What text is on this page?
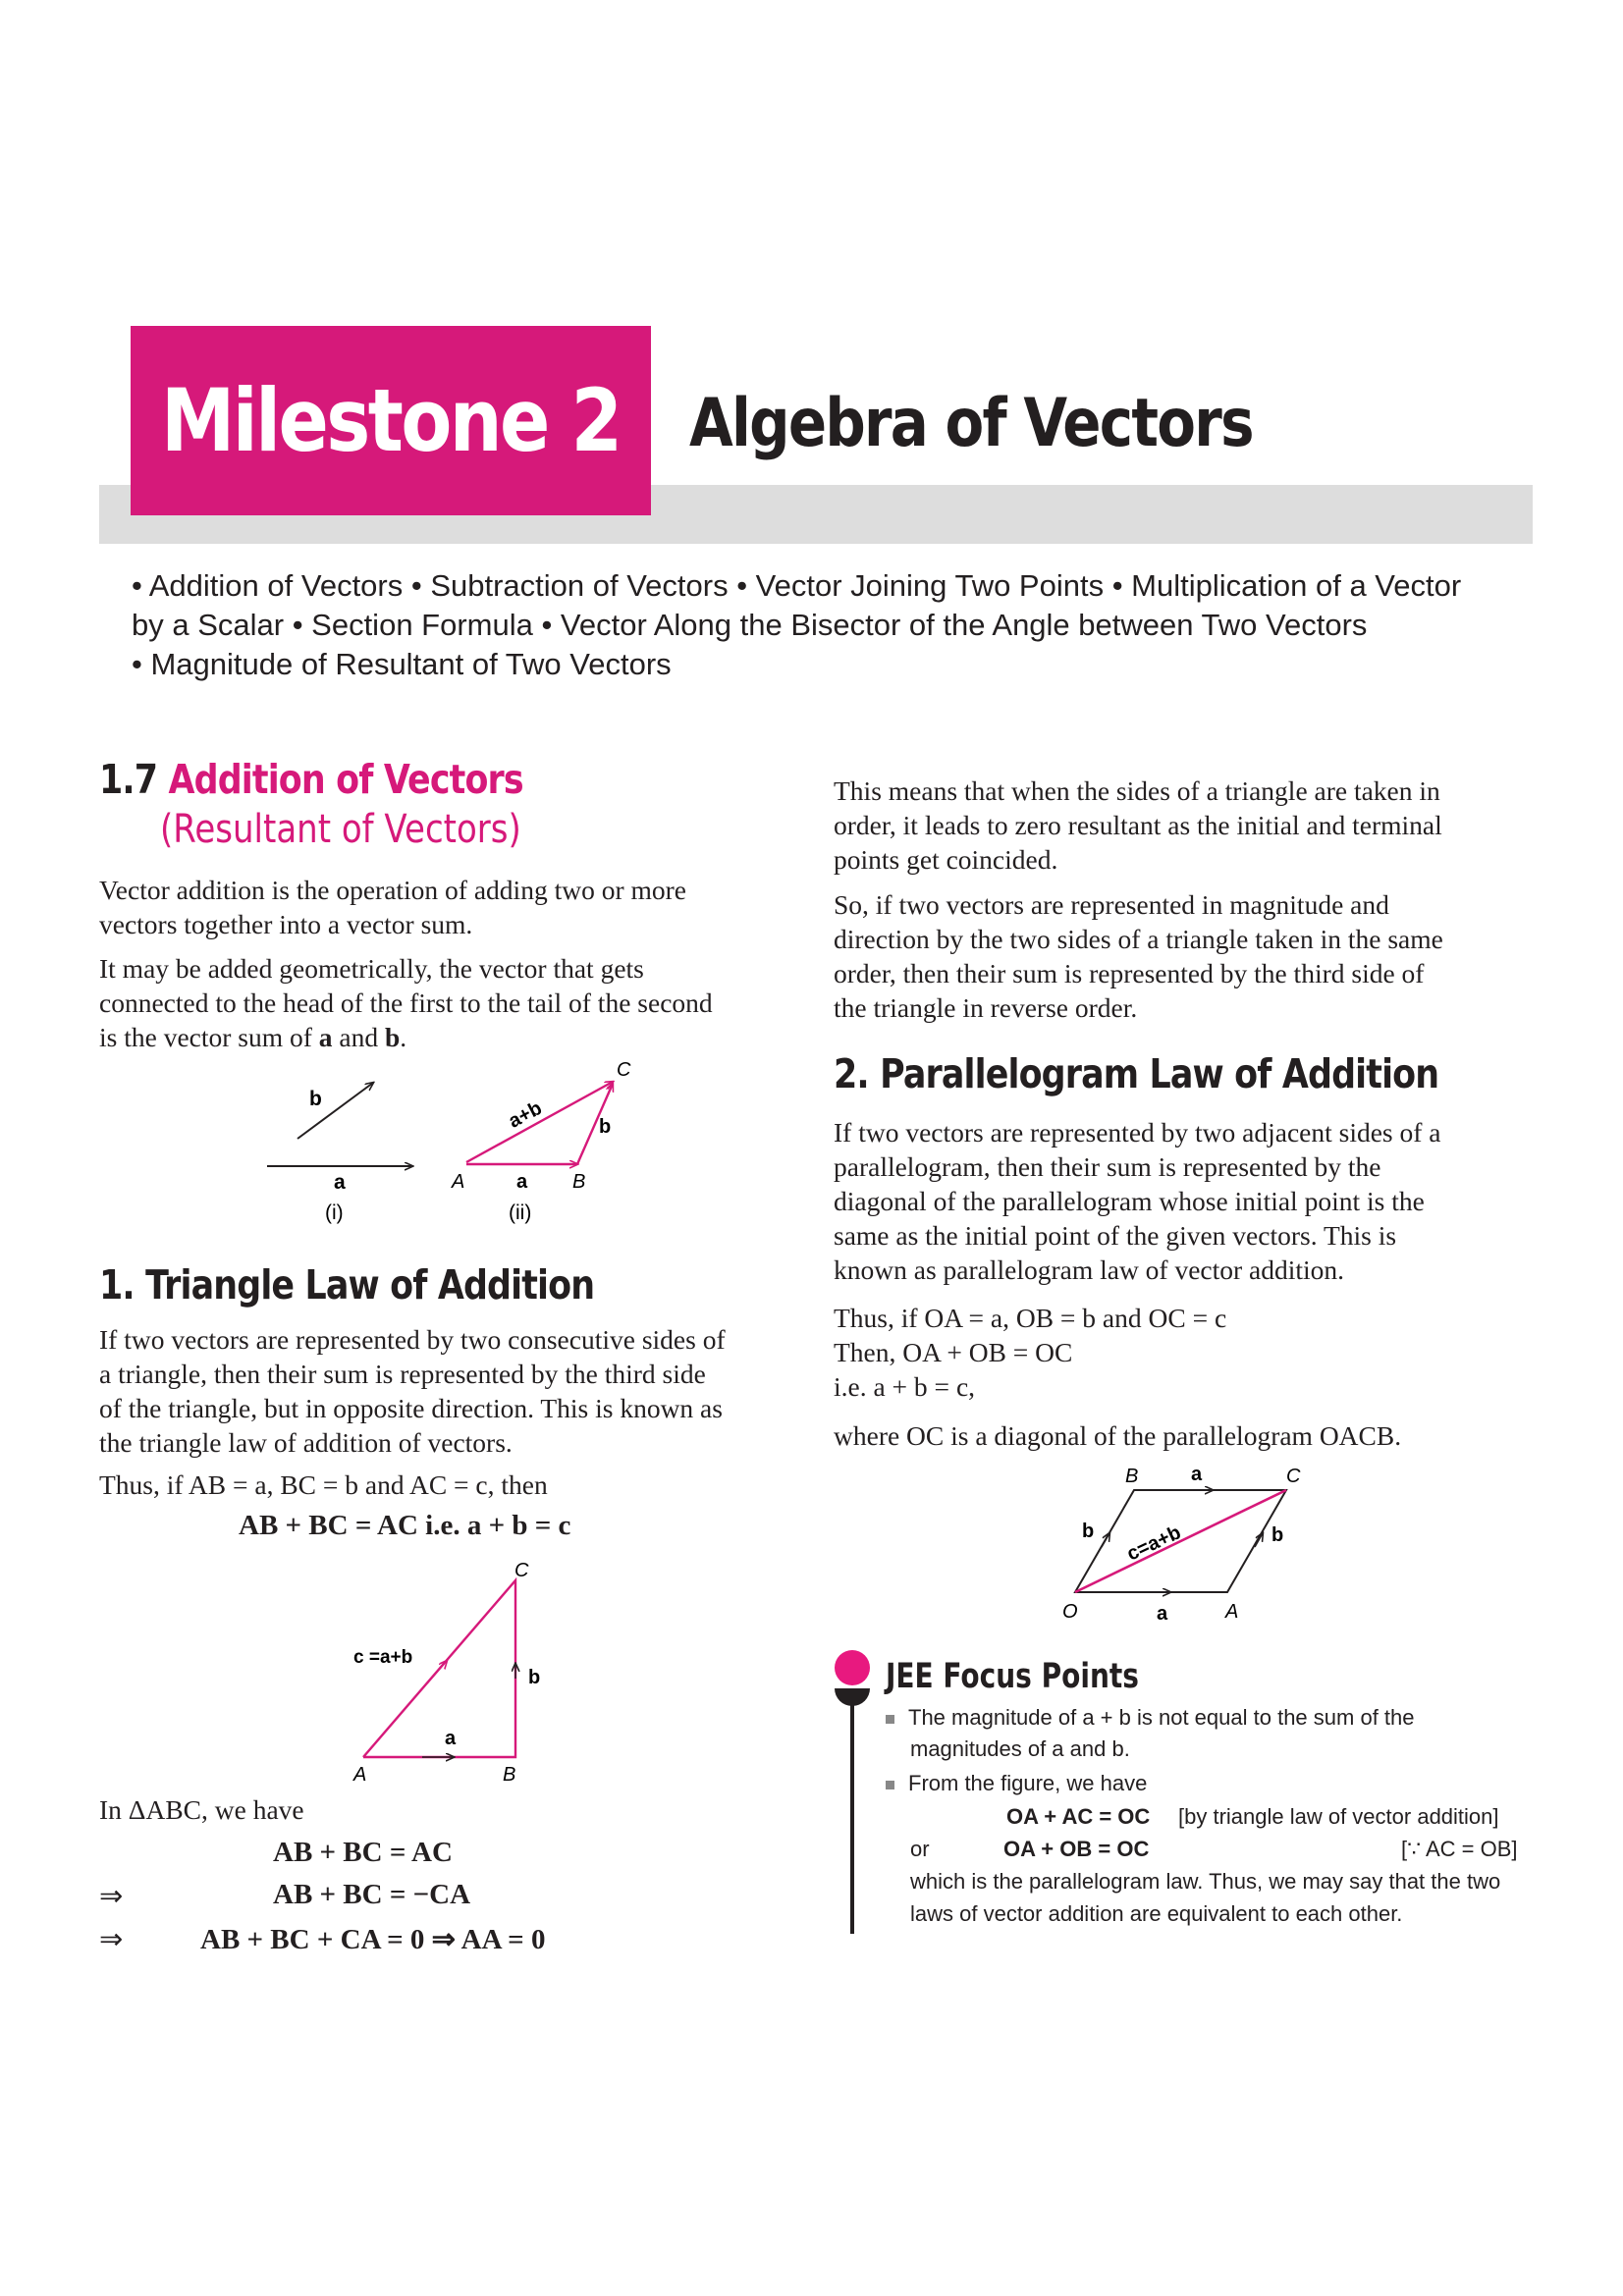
Milestone 2 Algebra of Vectors
• Addition of Vectors • Subtraction of Vectors • Vector Joining Two Points • Multiplication of a Vector
by a Scalar • Section Formula • Vector Along the Bisector of the Angle between Two Vectors
• Magnitude of Resultant of Two Vectors
1.7 Addition of Vectors
(Resultant of Vectors)
Vector addition is the operation of adding two or more
vectors together into a vector sum.
It may be added geometrically, the vector that gets
connected to the head of the first to the tail of the second
is the vector sum of a and b.
b
a
(i)
a+b
C
b
A	a B
(ii)
1. Triangle Law of Addition
If two vectors are represented by two consecutive sides of
a triangle, then their sum is represented by the third side
of the triangle, but in opposite direction. This is known as
the triangle law of addition of vectors.
Thus, if AB = a, BC = b and AC = c, then
AB + BC = AC i.e. a + b = c
C
c =a+b
b
a
A	B
In ΔABC, we have
AB + BC = AC
⇒	AB + BC = −CA
⇒	AB + BC + CA = 0 ⇒ AA = 0
This means that when the sides of a triangle are taken in
order, it leads to zero resultant as the initial and terminal
points get coincided.
So, if two vectors are represented in magnitude and
direction by the two sides of a triangle taken in the same
order, then their sum is represented by the third side of
the triangle in reverse order.
2. Parallelogram Law of Addition
If two vectors are represented by two adjacent sides of a
parallelogram, then their sum is represented by the
diagonal of the parallelogram whose initial point is the
same as the initial point of the given vectors. This is
known as parallelogram law of vector addition.
Thus, if OA = a, OB = b and OC = c
Then, OA + OB = OC
i.e. a + b = c,
where OC is a diagonal of the parallelogram OACB.
B	a	C
b c=a+b	b
O	a	A
JEE Focus Points
The magnitude of a + b is not equal to the sum of the
magnitudes of a and b.
From the figure, we have
OA + AC = OC [by triangle law of vector addition]
or	OA + OB = OC	[∵ AC = OB]
which is the parallelogram law. Thus, we may say that the two
laws of vector addition are equivalent to each other.
